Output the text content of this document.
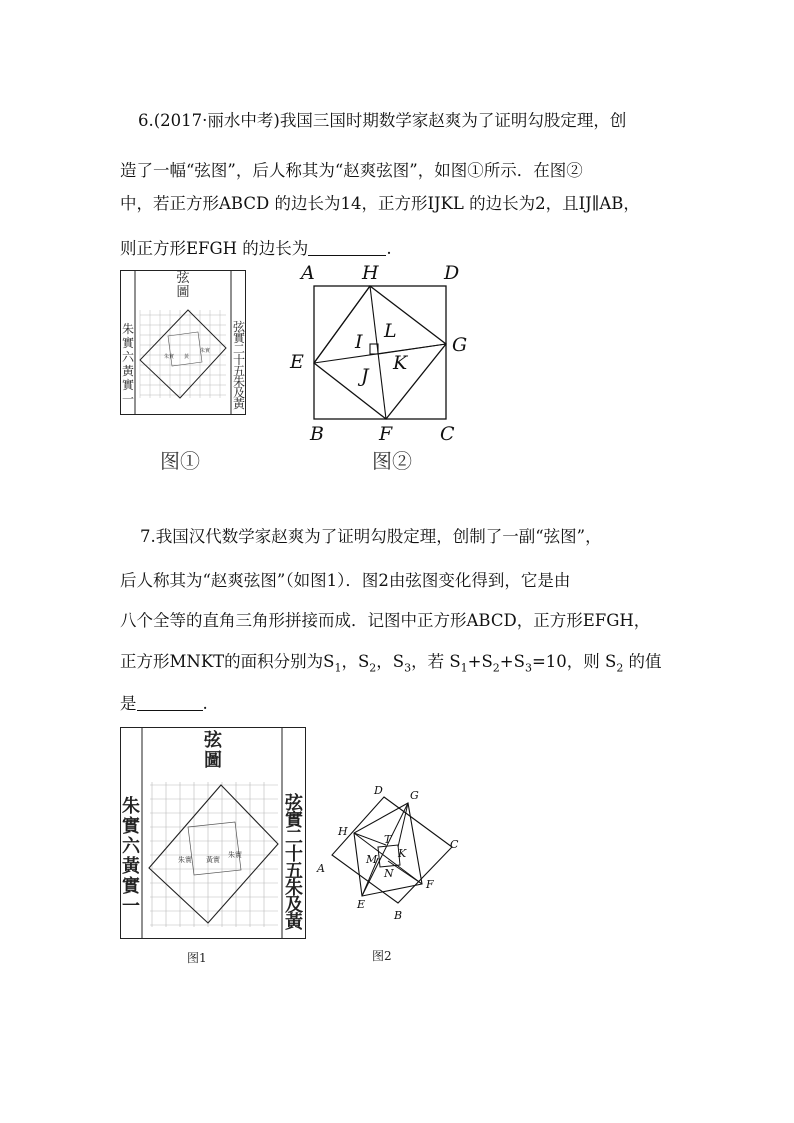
6.(2017·丽水中考)我国三国时期数学家赵爽为了证明勾股定理，创
造了一幅“弦图”，后人称其为“赵爽弦图”，如图①所示．在图②
中，若正方形ABCD 的边长为14，正方形IJKL 的边长为2，且IJ∥AB，
则正方形EFGH 的边长为	.
朱實 黃
朱實
弦圖
朱實六黃實一
弦實二十五朱及黃
图①
A H	D
E
G
B	F	C
I L
J
K
图②
7.我国汉代数学家赵爽为了证明勾股定理，创制了一副“弦图”，
后人称其为“赵爽弦图”（如图1）．图2由弦图变化得到，它是由
八个全等的直角三角形拼接而成．记图中正方形ABCD，正方形EFGH，
正方形MNKT的面积分别为$S_1$，$S_2$，$S_3$，若 $S_1+S_2+S_3=10$，则 $S_2$ 的值
是	.
朱實 黃實
朱實
弦圖
朱實六黃實一
弦實二十五朱及黃
图1
D G
H
C
T
M K
A	N
F
E
B
图2
